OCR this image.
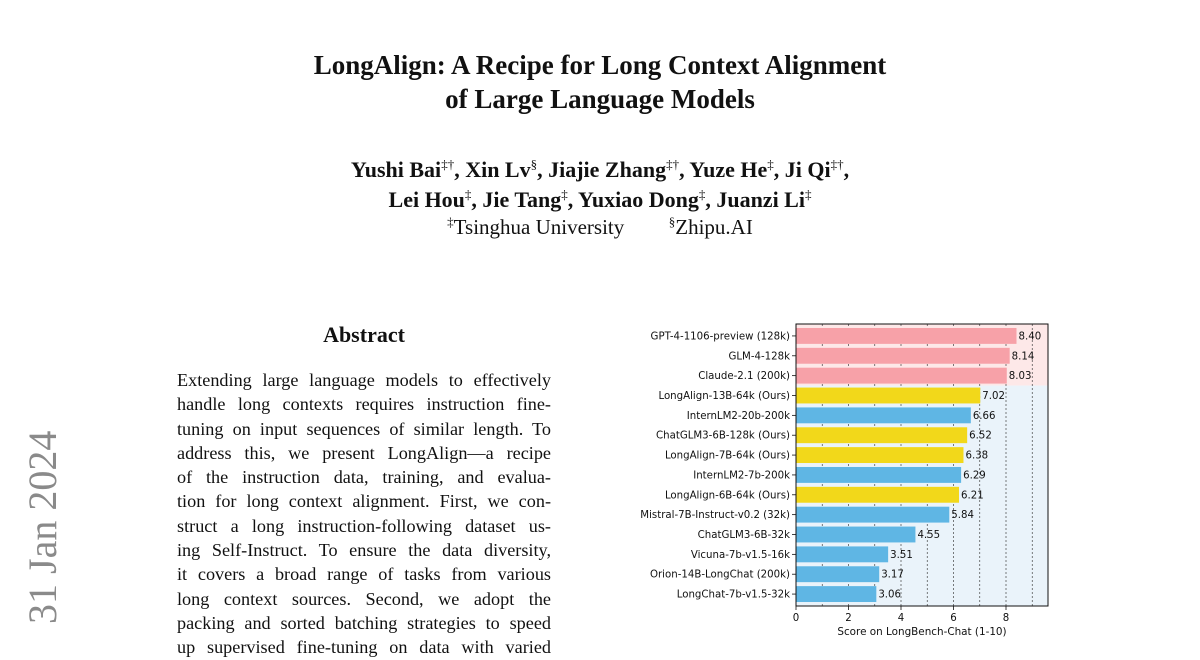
LongAlign: A Recipe for Long Context Alignment
of Large Language Models
Yushi Bai‡†, Xin Lv§, Jiajie Zhang‡†, Yuze He‡, Ji Qi‡†,
Lei Hou‡, Jie Tang‡, Yuxiao Dong‡, Juanzi Li‡
‡Tsinghua University	§Zhipu.AI
31 Jan 2024
Abstract
Extending large language models to effectively
handle long contexts requires instruction fine-
tuning on input sequences of similar length. To
address this, we present LongAlign—a recipe
of the instruction data, training, and evalua-
tion for long context alignment. First, we con-
struct a long instruction-following dataset us-
ing Self-Instruct. To ensure the data diversity,
it covers a broad range of tasks from various
long context sources. Second, we adopt the
packing and sorted batching strategies to speed
up supervised fine-tuning on data with varied
GPT-4-1106-preview (128k)	8.40
GLM-4-128k	8.14
Claude-2.1 (200k)	8.03
LongAlign-13B-64k (Ours)	7.02
InternLM2-20b-200k	6.66
ChatGLM3-6B-128k (Ours)	6.52
LongAlign-7B-64k (Ours)	6.38
InternLM2-7b-200k	6.29
LongAlign-6B-64k (Ours)	6.21
Mistral-7B-Instruct-v0.2 (32k)	5.84
ChatGLM3-6B-32k	4.55
Vicuna-7b-v1.5-16k	3.51
Orion-14B-LongChat (200k)	3.17
LongChat-7b-v1.5-32k	3.06
0	2	4	6	8
Score on LongBench-Chat (1-10)
